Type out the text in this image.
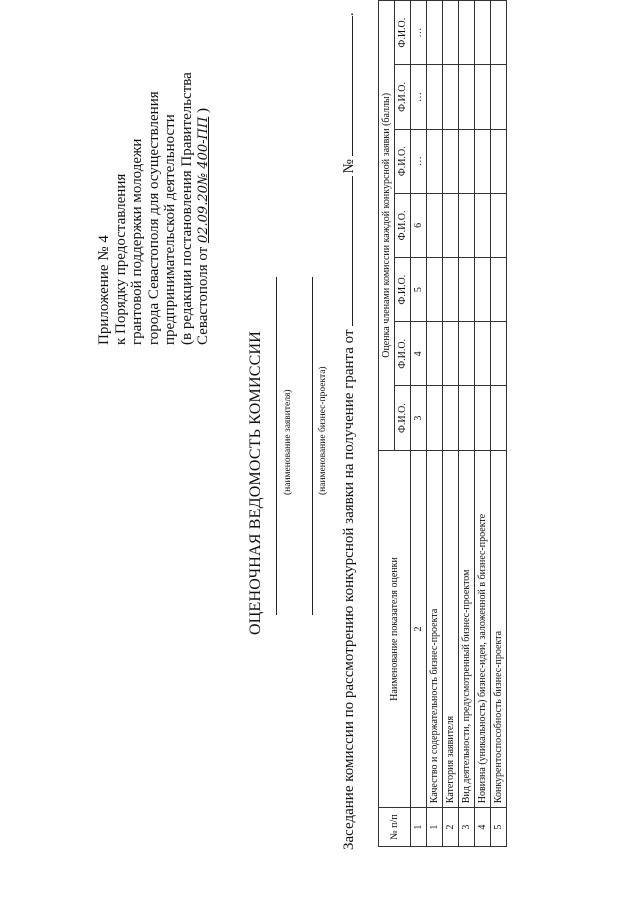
Приложение № 4 к Порядку предоставления грантовой поддержки молодежи города Севастополя для осуществления предпринимательской деятельности (в редакции постановления Правительства Севастополя от 02.09.20№ 400-ПП )
ОЦЕНОЧНАЯ ВЕДОМОСТЬ КОМИССИИ (наименование заявителя)	(наименование бизнес-проекта) Заседание комиссии по рассмотрению конкурсной заявки на получение гранта от№.
№ п/п	Наименование показателя оценки	Оценка членами комиссии каждой конкурсной заявки (баллы)						
		Ф.И.О.	Ф.И.О.	Ф.И.О.	Ф.И.О.	Ф.И.О.	Ф.И.О.	Ф.И.О.
1	2	3	4	5	6	…	…	…
1	Качество и содержательность бизнес-проекта							
2	Категория заявителя							
3	Вид деятельности, предусмотренный бизнес-проектом							
4	Новизна (уникальность) бизнес-идеи, заложенной в бизнес-проекте							
5	Конкурентоспособность бизнес-проекта							
